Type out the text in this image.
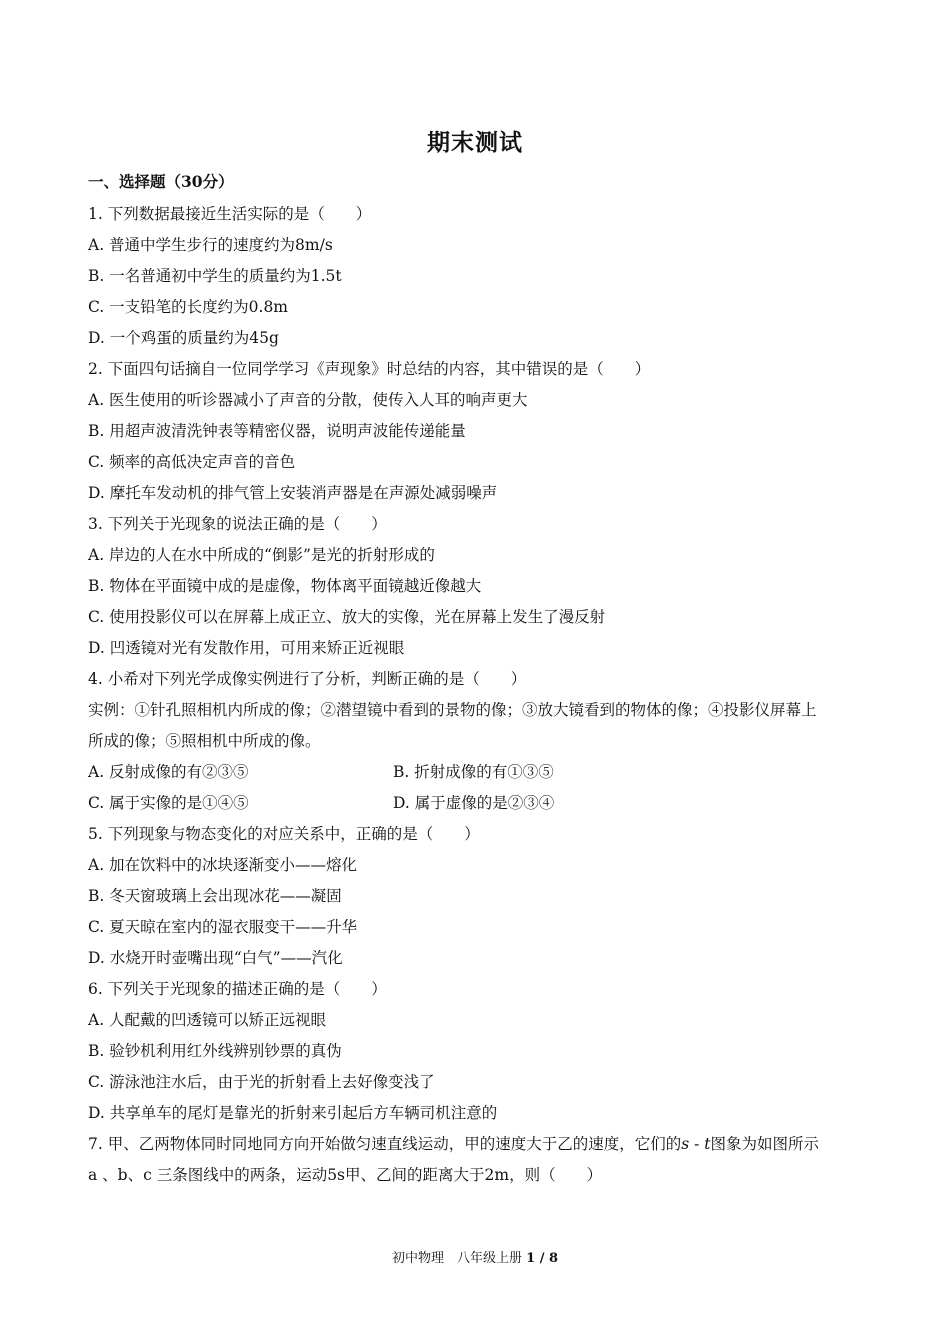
期末测试
一、选择题（30分）
1. 下列数据最接近生活实际的是（　　）
A. 普通中学生步行的速度约为8m/s
B. 一名普通初中学生的质量约为1.5t
C. 一支铅笔的长度约为0.8m
D. 一个鸡蛋的质量约为45g
2. 下面四句话摘自一位同学学习《声现象》时总结的内容，其中错误的是（　　）
A. 医生使用的听诊器减小了声音的分散，使传入人耳的响声更大
B. 用超声波清洗钟表等精密仪器，说明声波能传递能量
C. 频率的高低决定声音的音色
D. 摩托车发动机的排气管上安装消声器是在声源处减弱噪声
3. 下列关于光现象的说法正确的是（　　）
A. 岸边的人在水中所成的“倒影”是光的折射形成的
B. 物体在平面镜中成的是虚像，物体离平面镜越近像越大
C. 使用投影仪可以在屏幕上成正立、放大的实像，光在屏幕上发生了漫反射
D. 凹透镜对光有发散作用，可用来矫正近视眼
4. 小希对下列光学成像实例进行了分析，判断正确的是（　　）
实例：①针孔照相机内所成的像；②潜望镜中看到的景物的像；③放大镜看到的物体的像；④投影仪屏幕上
所成的像；⑤照相机中所成的像。
A. 反射成像的有②③⑤	B. 折射成像的有①③⑤
C. 属于实像的是①④⑤	D. 属于虚像的是②③④
5. 下列现象与物态变化的对应关系中，正确的是（　　）
A. 加在饮料中的冰块逐渐变小——熔化
B. 冬天窗玻璃上会出现冰花——凝固
C. 夏天晾在室内的湿衣服变干——升华
D. 水烧开时壶嘴出现“白气”——汽化
6. 下列关于光现象的描述正确的是（　　）
A. 人配戴的凹透镜可以矫正远视眼
B. 验钞机利用红外线辨别钞票的真伪
C. 游泳池注水后，由于光的折射看上去好像变浅了
D. 共享单车的尾灯是靠光的折射来引起后方车辆司机注意的
7. 甲、乙两物体同时同地同方向开始做匀速直线运动，甲的速度大于乙的速度，它们的s - t图象为如图所示
a 、b、c 三条图线中的两条，运动5s甲、乙间的距离大于2m，则（　　）
初中物理　八年级上册 1 / 8
